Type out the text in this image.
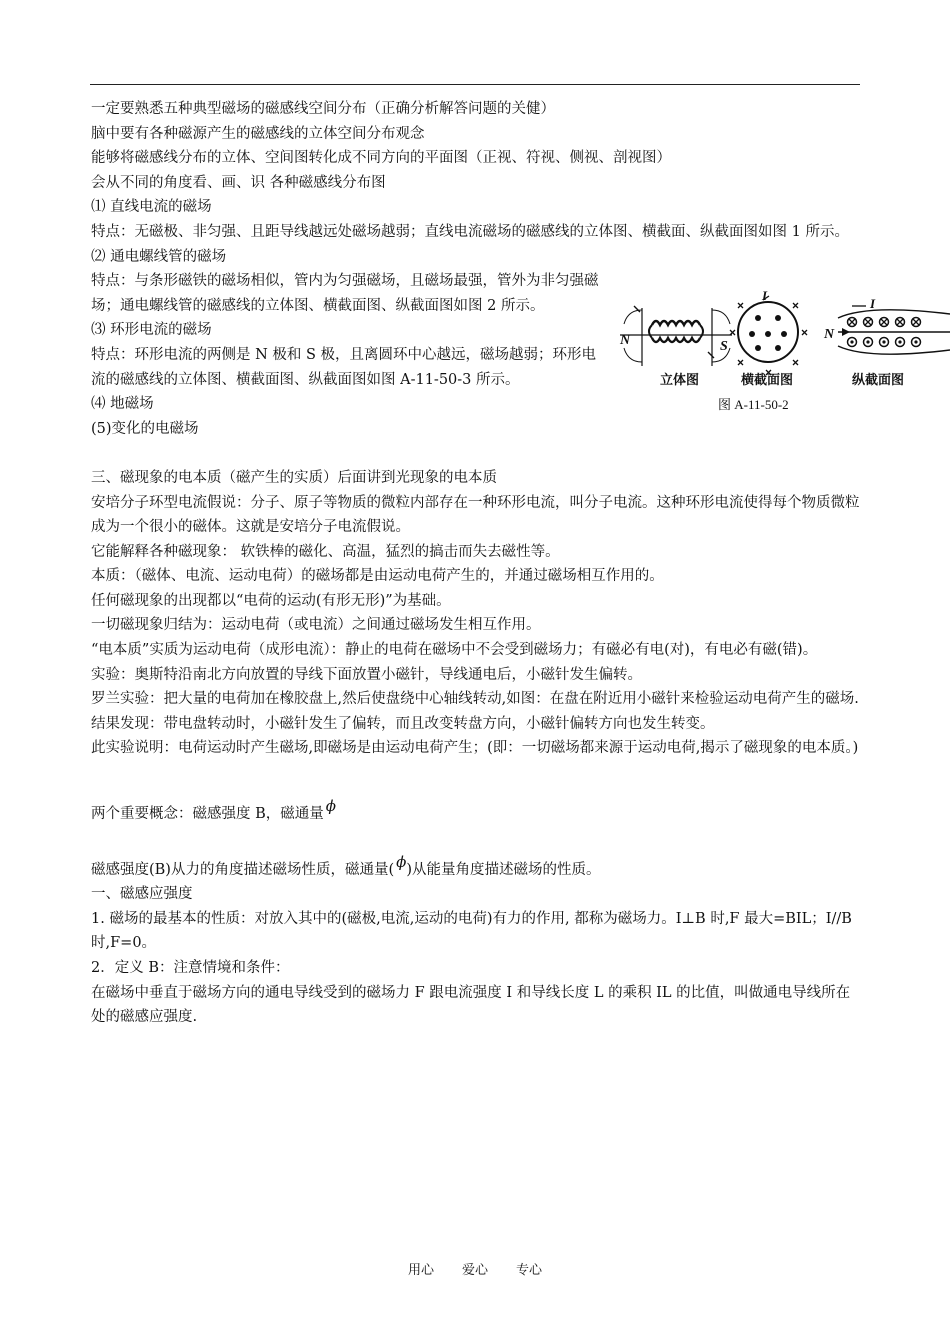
一定要熟悉五种典型磁场的磁感线空间分布（正确分析解答问题的关健）

脑中要有各种磁源产生的磁感线的立体空间分布观念

能够将磁感线分布的立体、空间图转化成不同方向的平面图（正视、符视、侧视、剖视图）

会从不同的角度看、画、识 各种磁感线分布图

⑴ 直线电流的磁场

特点：无磁极、非匀强、且距导线越远处磁场越弱；直线电流磁场的磁感线的立体图、横截面、纵截面图如图 1 所示。

⑵ 通电螺线管的磁场

特点：与条形磁铁的磁场相似，管内为匀强磁场，且磁场最强，管外为非匀强磁场；通电螺线管的磁感线的立体图、横截面图、纵截面图如图 2 所示。

⑶ 环形电流的磁场

特点：环形电流的两侧是 N 极和 S 极，且离圆环中心越远，磁场越弱；环形电流的磁感线的立体图、横截面图、纵截面图如图 A-11-50-3 所示。

⑷ 地磁场

(5)变化的电磁场

三、磁现象的电本质（磁产生的实质）后面讲到光现象的电本质

安培分子环型电流假说：分子、原子等物质的微粒内部存在一种环形电流，叫分子电流。这种环形电流使得每个物质微粒成为一个很小的磁体。这就是安培分子电流假说。

它能解释各种磁现象： 软铁棒的磁化、高温，猛烈的搞击而失去磁性等。

本质：（磁体、电流、运动电荷）的磁场都是由运动电荷产生的，并通过磁场相互作用的。

任何磁现象的出现都以“电荷的运动(有形无形)”为基础。

一切磁现象归结为：运动电荷（或电流）之间通过磁场发生相互作用。

“电本质”实质为运动电荷（成形电流）：静止的电荷在磁场中不会受到磁场力；有磁必有电(对)，有电必有磁(错)。

实验：奥斯特沿南北方向放置的导线下面放置小磁针，导线通电后，小磁针发生偏转。

罗兰实验：把大量的电荷加在橡胶盘上,然后使盘绕中心轴线转动,如图：在盘在附近用小磁针来检验运动电荷产生的磁场.

结果发现：带电盘转动时，小磁针发生了偏转，而且改变转盘方向，小磁针偏转方向也发生转变。

此实验说明：电荷运动时产生磁场,即磁场是由运动电荷产生；(即：一切磁场都来源于运动电荷,揭示了磁现象的电本质。)

两个重要概念：磁感强度 B，磁通量 ϕ

磁感强度(B)从力的角度描述磁场性质，磁通量( ϕ)从能量角度描述磁场的性质。

一、磁感应强度

1. 磁场的最基本的性质：对放入其中的(磁极,电流,运动的电荷)有力的作用, 都称为磁场力。I⊥B 时,F 最大=BIL；I//B 时,F=0。

2．定义 B：注意情境和条件：

在磁场中垂直于磁场方向的通电导线受到的磁场力 F 跟电流强度 I 和导线长度 L 的乘积 IL 的比值，叫做通电导线所在处的磁感应强度.

N	S
立体图
I
横截面图
N
I
纵截面图
图 A-11-50-2
用心 爱心 专心
